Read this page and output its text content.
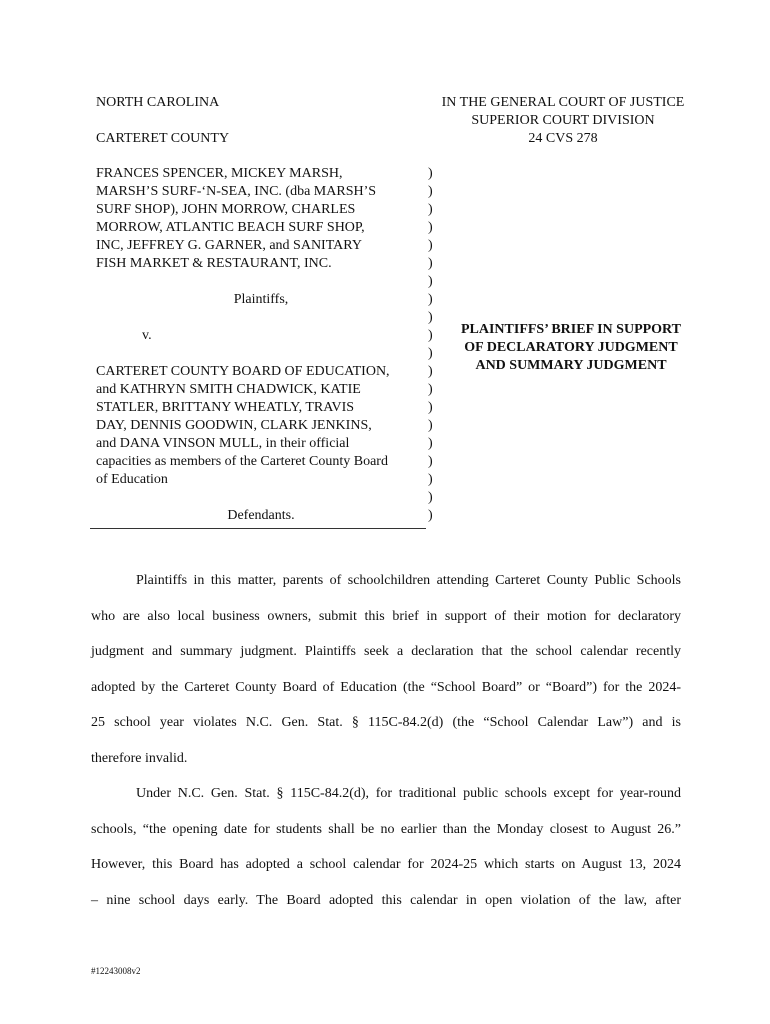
NORTH CAROLINA
CARTERET COUNTY
IN THE GENERAL COURT OF JUSTICE
SUPERIOR COURT DIVISION
24 CVS 278
FRANCES SPENCER, MICKEY MARSH,
MARSH’S SURF-‘N-SEA, INC. (dba MARSH’S
SURF SHOP), JOHN MORROW, CHARLES
MORROW, ATLANTIC BEACH SURF SHOP,
INC, JEFFREY G. GARNER, and SANITARY
FISH MARKET & RESTAURANT, INC.
Plaintiffs,
v.
CARTERET COUNTY BOARD OF EDUCATION,
and KATHRYN SMITH CHADWICK, KATIE
STATLER, BRITTANY WHEATLY, TRAVIS
DAY, DENNIS GOODWIN, CLARK JENKINS,
and DANA VINSON MULL, in their official
capacities as members of the Carteret County Board
of Education
Defendants.
)
)
)
)
)
)
)
)
)
)
)
)
)
)
)
)
)
)
)
)
PLAINTIFFS’ BRIEF IN SUPPORT
OF DECLARATORY JUDGMENT
AND SUMMARY JUDGMENT
Plaintiffs in this matter, parents of schoolchildren attending Carteret County Public Schools
who are also local business owners, submit this brief in support of their motion for declaratory
judgment and summary judgment. Plaintiffs seek a declaration that the school calendar recently
adopted by the Carteret County Board of Education (the “School Board” or “Board”) for the 2024-
25 school year violates N.C. Gen. Stat. § 115C-84.2(d) (the “School Calendar Law”) and is
therefore invalid.
Under N.C. Gen. Stat. § 115C-84.2(d), for traditional public schools except for year-round
schools, “the opening date for students shall be no earlier than the Monday closest to August 26.”
However, this Board has adopted a school calendar for 2024-25 which starts on August 13, 2024
– nine school days early. The Board adopted this calendar in open violation of the law, after
#12243008v2
